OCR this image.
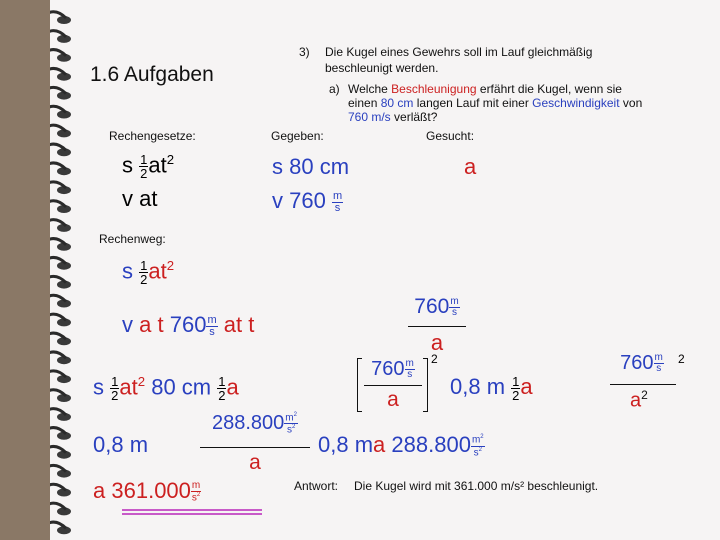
3) Die Kugel eines Gewehrs soll im Lauf gleichmäßig
beschleunigt werden.
a) Welche Beschleunigung erfährt die Kugel, wenn sie
einen 80 cm langen Lauf mit einer Geschwindigkeit von
760 m/s verläßt?
1.6 Aufgaben
Rechengesetze:	Gegeben:	Gesucht:
Rechenweg:
Antwort: Die Kugel wird mit 361.000 m/s² beschleunigt.
s $\frac{1}{2} at^2$
v at
s 80 cm
v $760 \frac{m}{s}$
a
s $\frac{1}{2} at^2$
v a t $760 \frac{m}{s}$ at t
$760 \frac{m}{s}$
a
s $\frac{1}{2} at^2$ 80 cm $\frac{1}{2}$ a
$760 \frac{m}{s}$
a
2
0,8 m $\frac{1}{2}$ a
$760 \frac{m}{s} 2$
$a^2$
0,8 m
$288.800 \frac{m^2}{s^2}$
a
0,8 ma $288.800 \frac{m^2}{s^2}$
a $361.000 \frac{m}{s^2}$
